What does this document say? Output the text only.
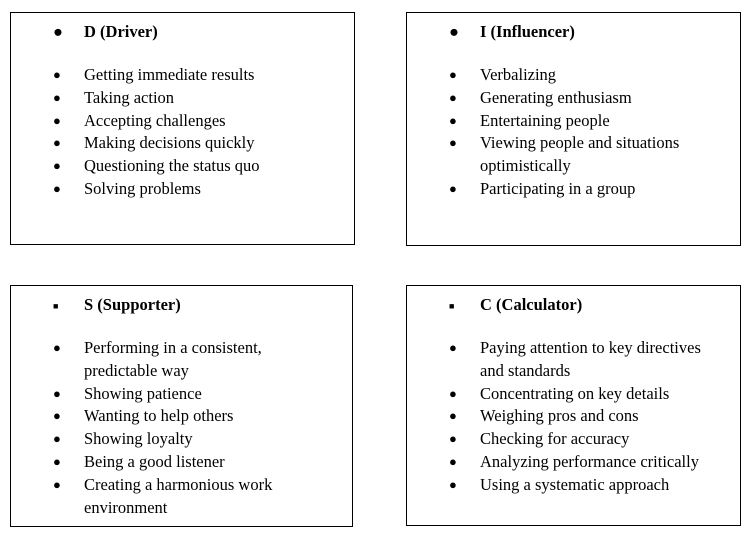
● D (Driver)
● Getting immediate results
● Taking action
● Accepting challenges
● Making decisions quickly
● Questioning the status quo
● Solving problems
● I (Influencer)
● Verbalizing
● Generating enthusiasm
● Entertaining people
● Viewing people and situations optimistically
● Participating in a group
■ S (Supporter)
● Performing in a consistent, predictable way
● Showing patience
● Wanting to help others
● Showing loyalty
● Being a good listener
● Creating a harmonious work environment
■ C (Calculator)
● Paying attention to key directives and standards
● Concentrating on key details
● Weighing pros and cons
● Checking for accuracy
● Analyzing performance critically
● Using a systematic approach
